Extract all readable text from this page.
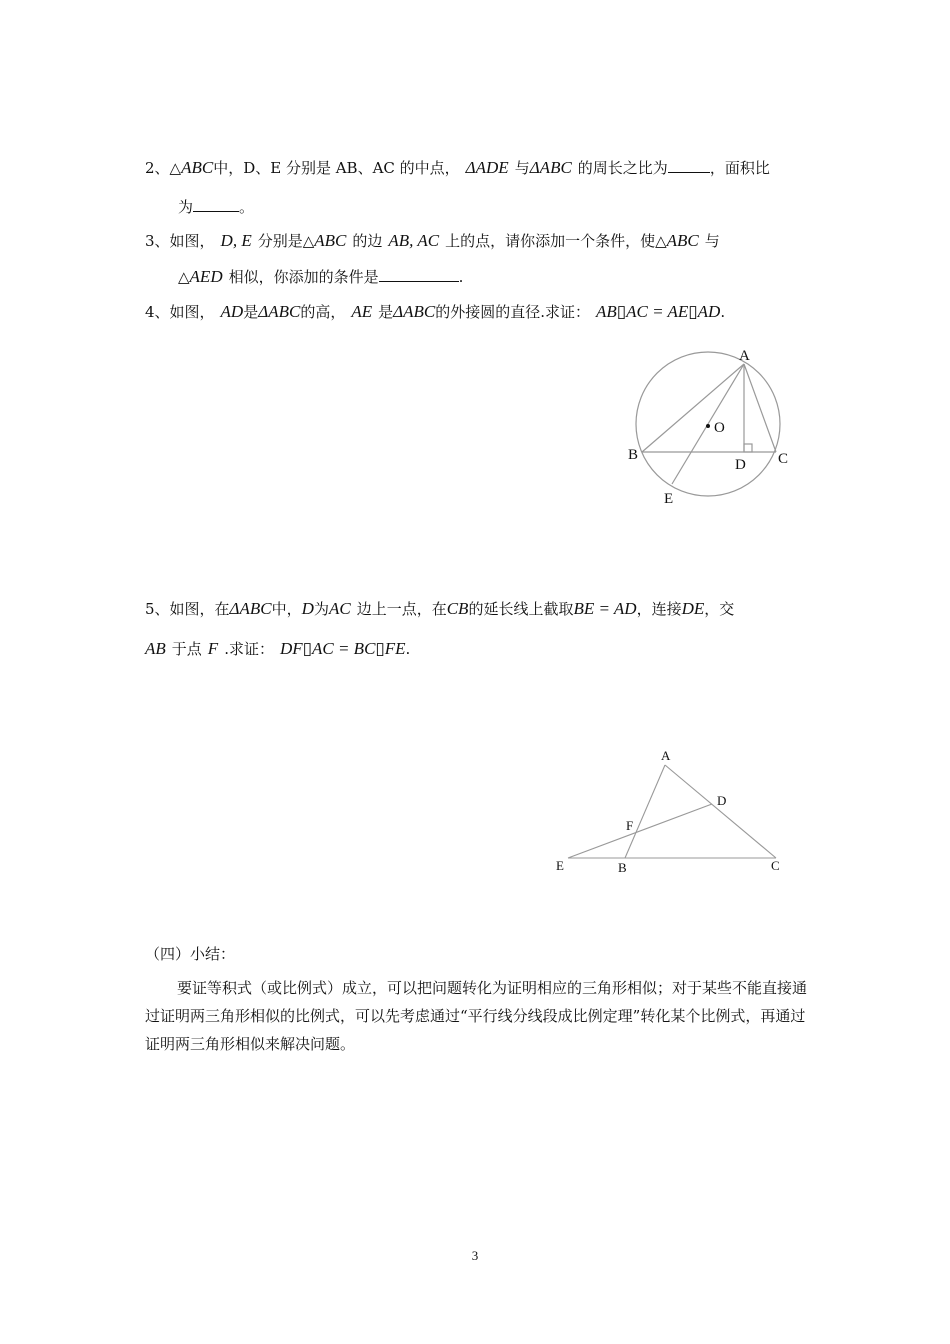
2、△ABC中，D、E 分别是 AB、AC 的中点， ΔADE 与ΔABC 的周长之比为	，面积比
为	。
3、如图， D, E 分别是△ABC 的边 AB, AC 上的点，请你添加一个条件，使△ABC 与
△AED 相似，你添加的条件是	.
4、如图， AD是ΔABC的高， AE 是ΔABC的外接圆的直径.求证： AB▯AC = AE▯AD.
A
O
B
D C
E
5、如图，在ΔABC中，D为AC 边上一点，在CB的延长线上截取BE = AD，连接DE，交
AB 于点 F .求证： DF▯AC = BC▯FE.
A
D
F
E	B	C
（四）小结：
要证等积式（或比例式）成立，可以把问题转化为证明相应的三角形相似；对于某些不能直接通过证明两三角形相似的比例式，可以先考虑通过“平行线分线段成比例定理”转化某个比例式，再通过证明两三角形相似来解决问题。
3
